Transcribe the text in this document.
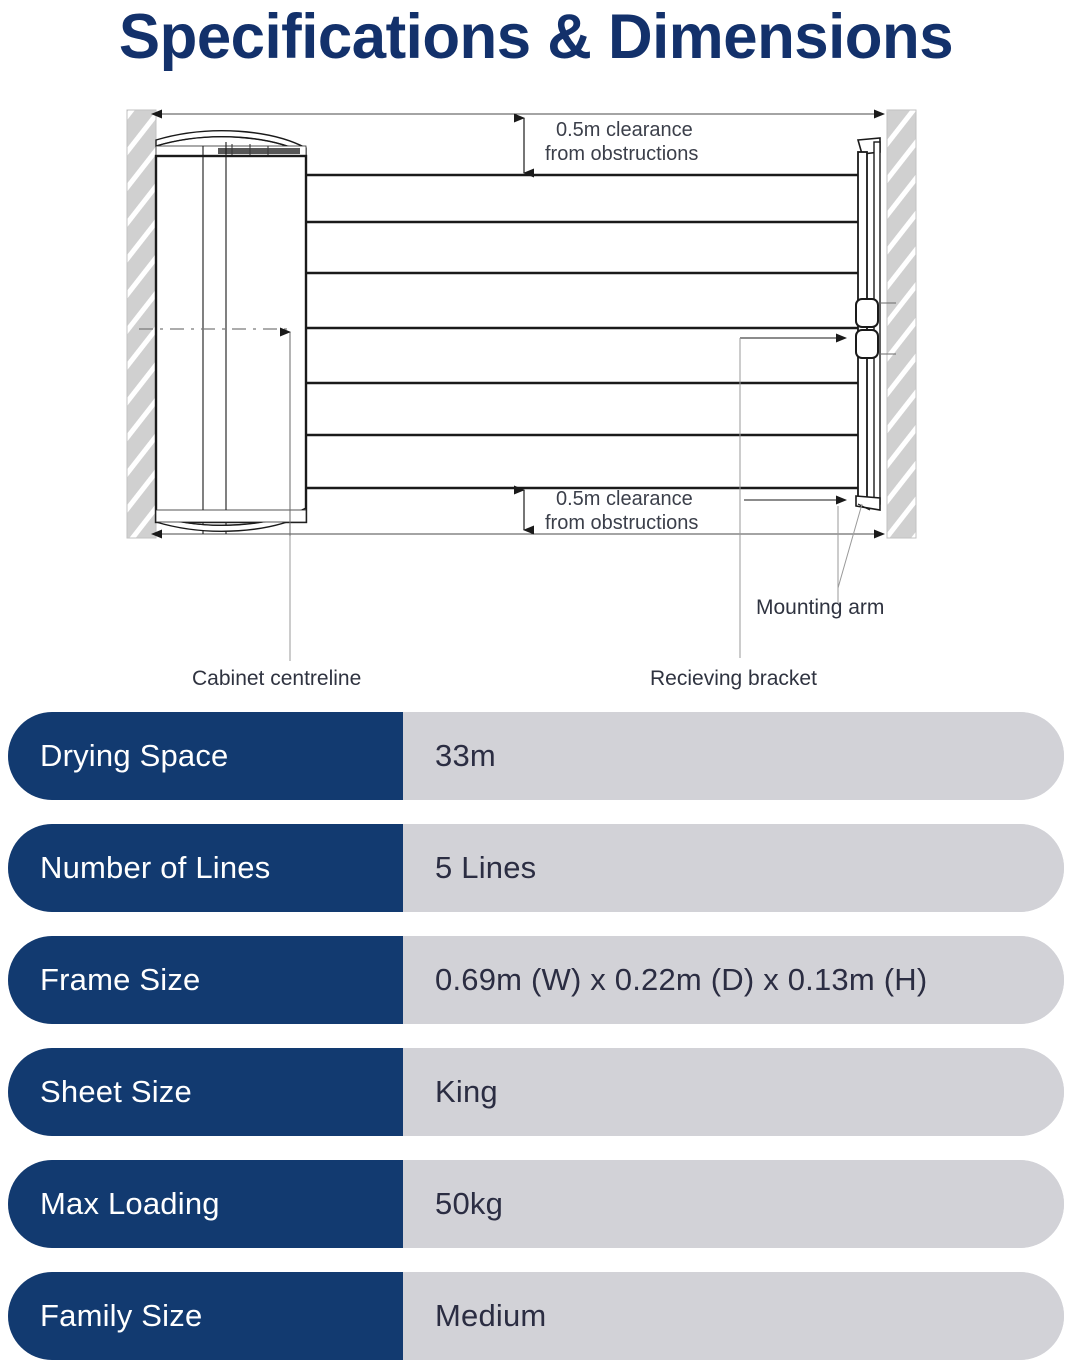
Specifications & Dimensions
0.5m clearance
from obstructions
0.5m clearance
from obstructions
Mounting arm
Recieving bracket
Cabinet centreline
Drying Space	33m
Number of Lines	5 Lines
Frame Size	0.69m (W) x 0.22m (D) x 0.13m (H)
Sheet Size	King
Max Loading	50kg
Family Size	Medium
